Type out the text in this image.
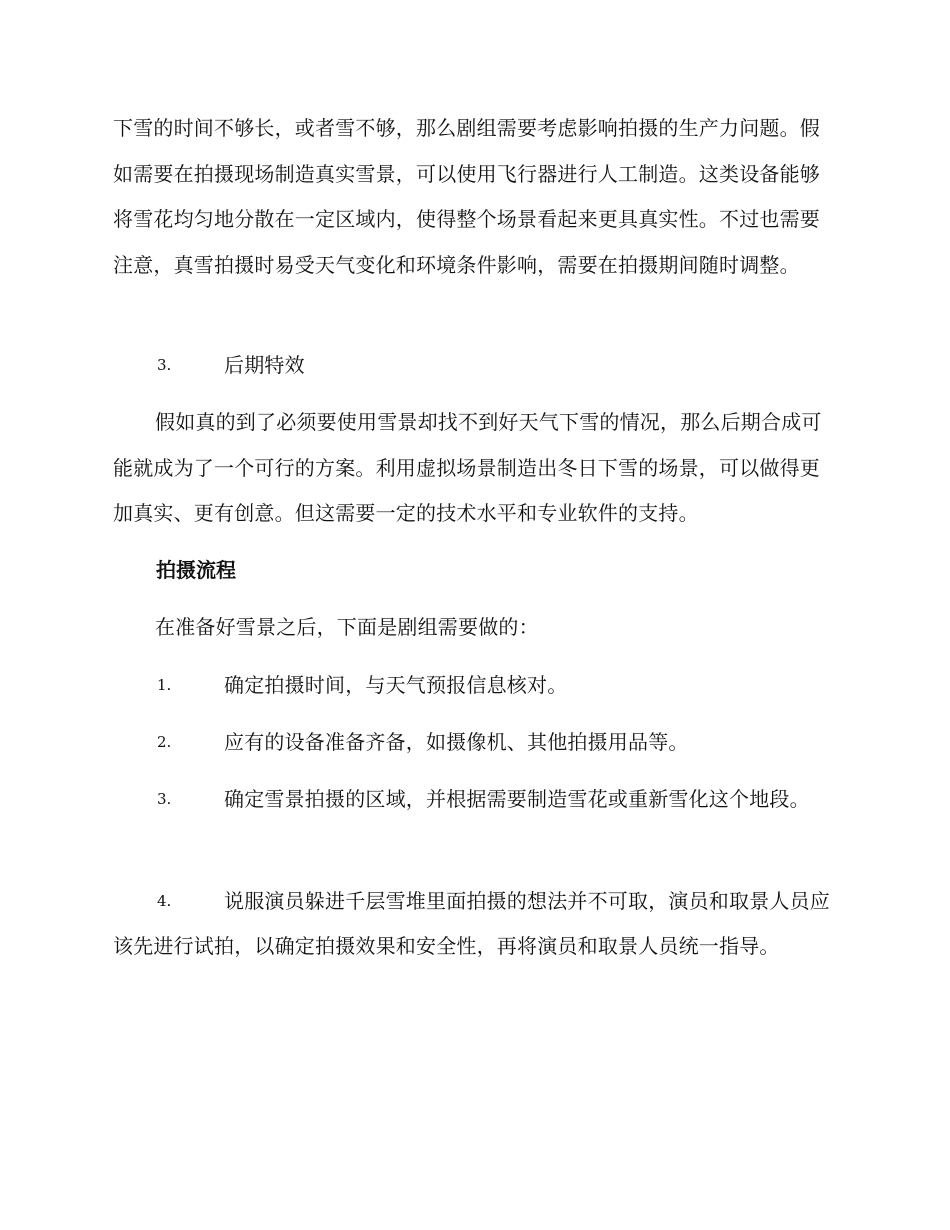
下雪的时间不够长，或者雪不够，那么剧组需要考虑影响拍摄的生产力问题。假如需要在拍摄现场制造真实雪景，可以使用飞行器进行人工制造。这类设备能够将雪花均匀地分散在一定区域内，使得整个场景看起来更具真实性。不过也需要注意，真雪拍摄时易受天气变化和环境条件影响，需要在拍摄期间随时调整。

3.	后期特效

假如真的到了必须要使用雪景却找不到好天气下雪的情况，那么后期合成可能就成为了一个可行的方案。利用虚拟场景制造出冬日下雪的场景，可以做得更加真实、更有创意。但这需要一定的技术水平和专业软件的支持。

拍摄流程

在准备好雪景之后，下面是剧组需要做的：

1.	确定拍摄时间，与天气预报信息核对。
2.	应有的设备准备齐备，如摄像机、其他拍摄用品等。
3.	确定雪景拍摄的区域，并根据需要制造雪花或重新雪化这个地段。
4.	说服演员躲进千层雪堆里面拍摄的想法并不可取，演员和取景人员应该先进行试拍，以确定拍摄效果和安全性，再将演员和取景人员统一指导。
